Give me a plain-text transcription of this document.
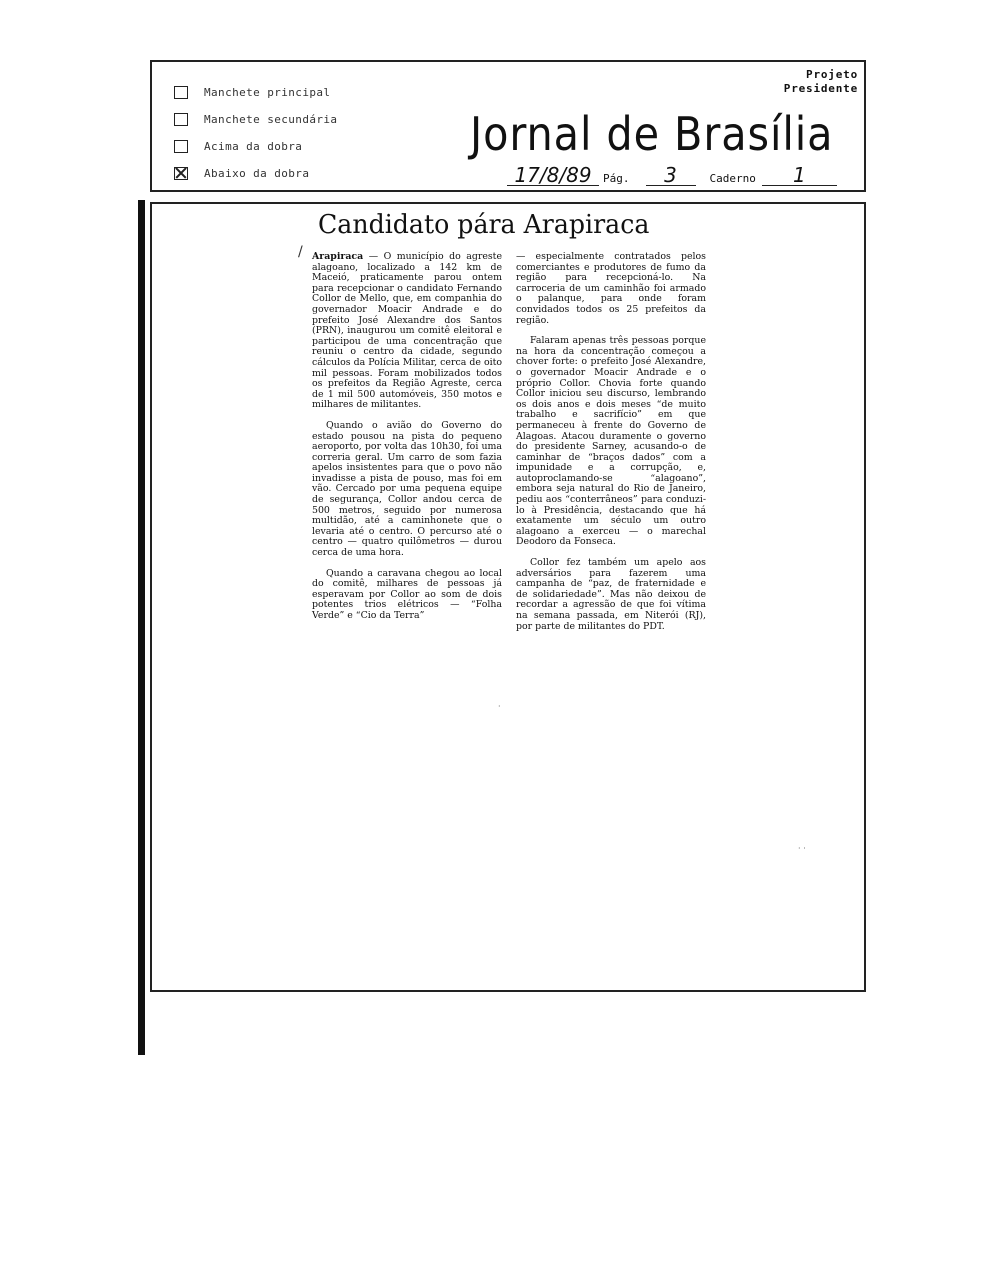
Manchete principal
Manchete secundária
Acima da dobra
Abaixo da dobra
Projeto
Presidente
Jornal de Brasília
17/8/89	Pág.	3	Caderno	1
Candidato pára Arapiraca
/
· ·
·

Arapiraca — O município do agreste alagoano, localizado a 142 km de Maceió, praticamente parou ontem para recepcionar o candidato Fernando Collor de Mello, que, em companhia do governador Moacir Andrade e do prefeito José Alexandre dos Santos (PRN), inaugurou um comitê eleitoral e participou de uma concentração que reuniu o centro da cidade, segundo cálculos da Polícia Militar, cerca de oito mil pessoas. Foram mobilizados todos os prefeitos da Região Agreste, cerca de 1 mil 500 automóveis, 350 motos e milhares de militantes.

Quando o avião do Governo do estado pousou na pista do pequeno aeroporto, por volta das 10h30, foi uma correria geral. Um carro de som fazia apelos insistentes para que o povo não invadisse a pista de pouso, mas foi em vão. Cercado por uma pequena equipe de segurança, Collor andou cerca de 500 metros, seguido por numerosa multidão, até a caminhonete que o levaria até o centro. O percurso até o centro — quatro quilômetros — durou cerca de uma hora.

Quando a caravana chegou ao local do comitê, milhares de pessoas já esperavam por Collor ao som de dois potentes trios elétricos — “Folha Verde” e “Cio da Terra”

— especialmente contratados pelos comerciantes e produtores de fumo da região para recepcioná-lo. Na carroceria de um caminhão foi armado o palanque, para onde foram convidados todos os 25 prefeitos da região.

Falaram apenas três pessoas porque na hora da concentração começou a chover forte: o prefeito José Alexandre, o governador Moacir Andrade e o próprio Collor. Chovia forte quando Collor iniciou seu discurso, lembrando os dois anos e dois meses “de muito trabalho e sacrifício” em que permaneceu à frente do Governo de Alagoas. Atacou duramente o governo do presidente Sarney, acusando-o de caminhar de “braços dados” com a impunidade e a corrupção, e, autoproclamando-se “alagoano”, embora seja natural do Rio de Janeiro, pediu aos “conterrâneos” para conduzi-lo à Presidência, destacando que há exatamente um século um outro alagoano a exerceu — o marechal Deodoro da Fonseca.

Collor fez também um apelo aos adversários para fazerem uma campanha de “paz, de fraternidade e de solidariedade”. Mas não deixou de recordar a agressão de que foi vítima na semana passada, em Niterói (RJ), por parte de militantes do PDT.
